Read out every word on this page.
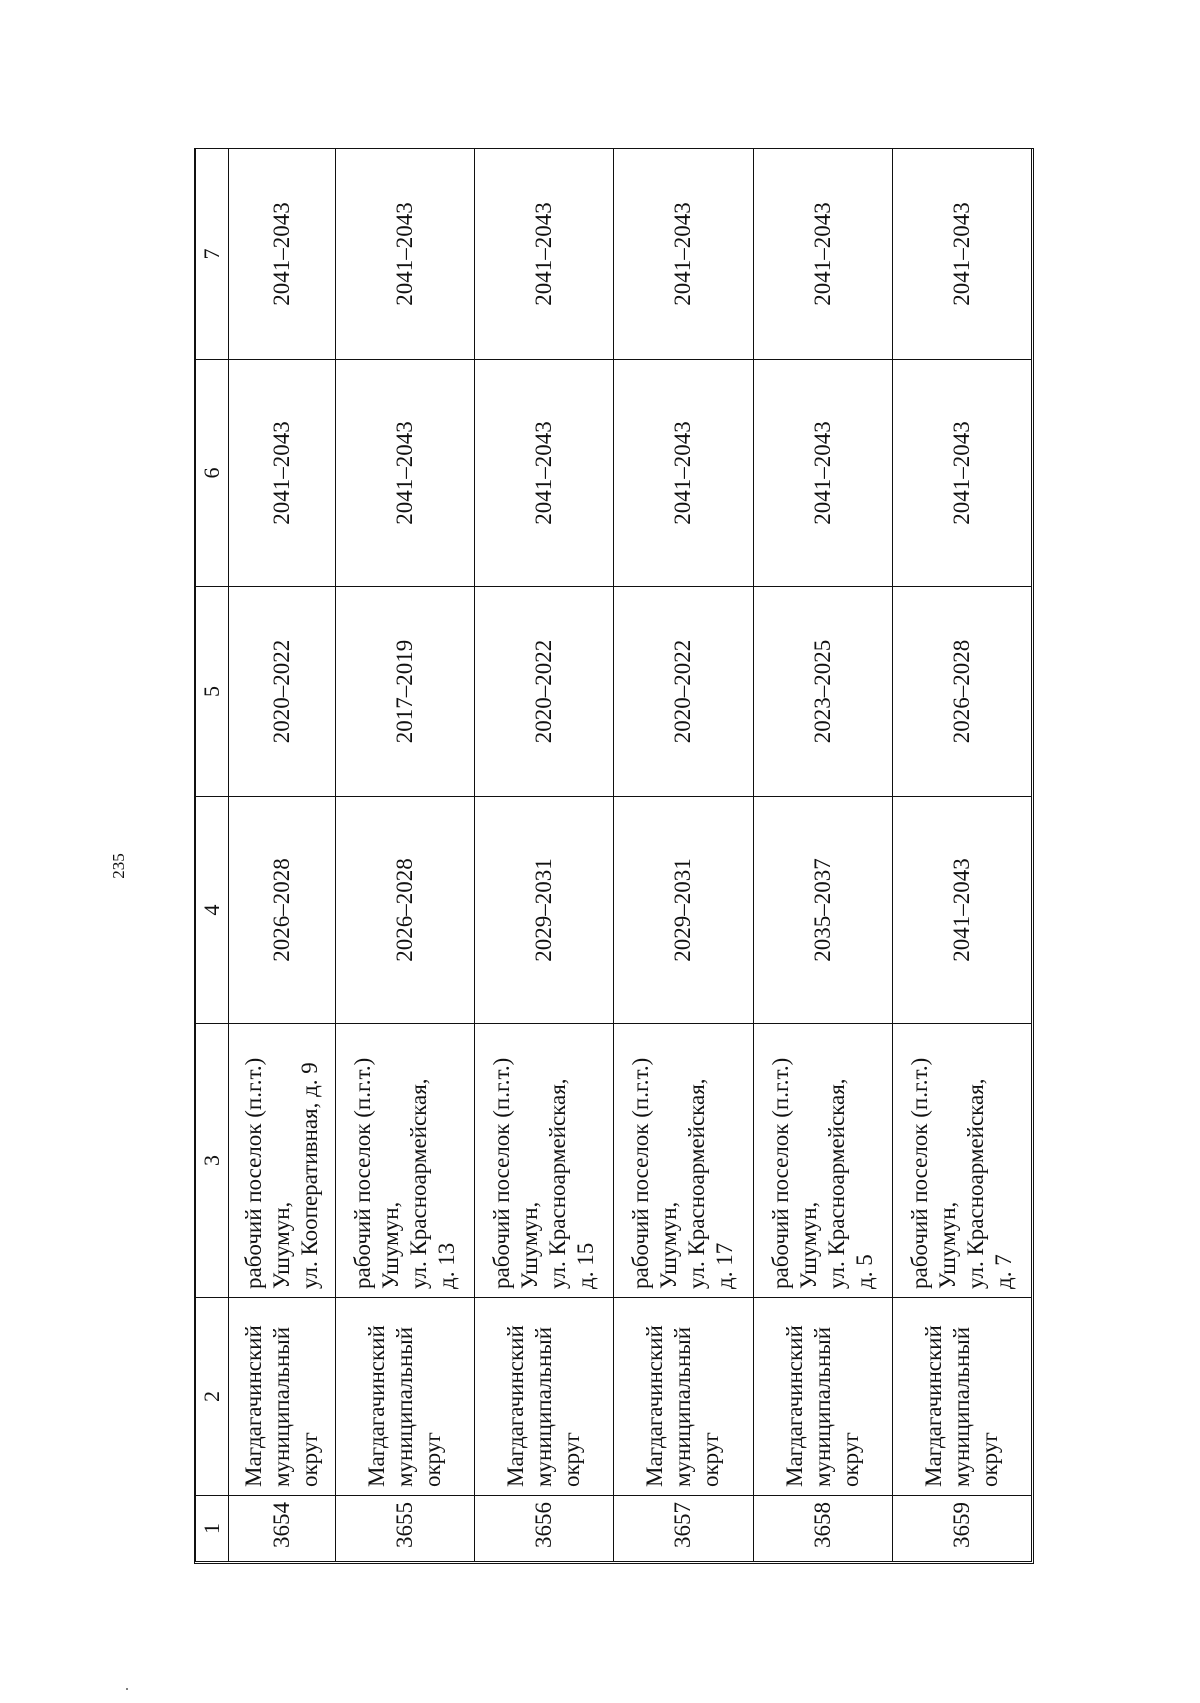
235
1	2	3	4	5	6	7
3654	Магдагачинский муниципальный округ	рабочий поселок (п.г.т.) Ушумун, ул. Кооперативная, д. 9	2026–2028	2020–2022	2041–2043	2041–2043
3655	Магдагачинский муниципальный округ	рабочий поселок (п.г.т.) Ушумун, ул. Красноармейская, д. 13	2026–2028	2017–2019	2041–2043	2041–2043
3656	Магдагачинский муниципальный округ	рабочий поселок (п.г.т.) Ушумун, ул. Красноармейская, д. 15	2029–2031	2020–2022	2041–2043	2041–2043
3657	Магдагачинский муниципальный округ	рабочий поселок (п.г.т.) Ушумун, ул. Красноармейская, д. 17	2029–2031	2020–2022	2041–2043	2041–2043
3658	Магдагачинский муниципальный округ	рабочий поселок (п.г.т.) Ушумун, ул. Красноармейская, д. 5	2035–2037	2023–2025	2041–2043	2041–2043
3659	Магдагачинский муниципальный округ	рабочий поселок (п.г.т.) Ушумун, ул. Красноармейская, д. 7	2041–2043	2026–2028	2041–2043	2041–2043
